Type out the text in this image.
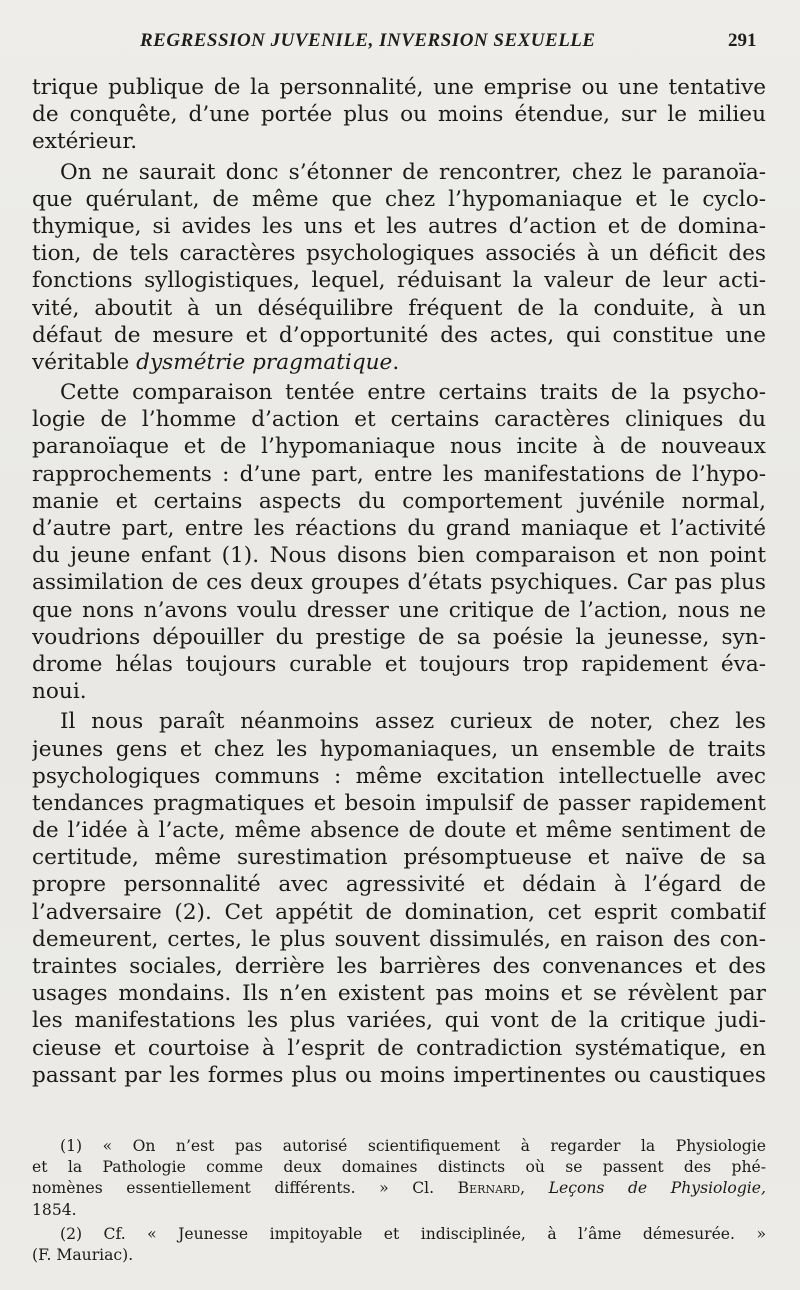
REGRESSION JUVENILE, INVERSION SEXUELLE	291
trique publique de la personnalité, une emprise ou une tentative
de conquête, d’une portée plus ou moins étendue, sur le milieu
extérieur.
On ne saurait donc s’étonner de rencontrer, chez le paranoïa-
que quérulant, de même que chez l’hypomaniaque et le cyclo-
thymique, si avides les uns et les autres d’action et de domina-
tion, de tels caractères psychologiques associés à un déficit des
fonctions syllogistiques, lequel, réduisant la valeur de leur acti-
vité, aboutit à un déséquilibre fréquent de la conduite, à un
défaut de mesure et d’opportunité des actes, qui constitue une
véritable dysmétrie pragmatique.
Cette comparaison tentée entre certains traits de la psycho-
logie de l’homme d’action et certains caractères cliniques du
paranoïaque et de l’hypomaniaque nous incite à de nouveaux
rapprochements : d’une part, entre les manifestations de l’hypo-
manie et certains aspects du comportement juvénile normal,
d’autre part, entre les réactions du grand maniaque et l’activité
du jeune enfant (1). Nous disons bien comparaison et non point
assimilation de ces deux groupes d’états psychiques. Car pas plus
que nons n’avons voulu dresser une critique de l’action, nous ne
voudrions dépouiller du prestige de sa poésie la jeunesse, syn-
drome hélas toujours curable et toujours trop rapidement éva-
noui.
Il nous paraît néanmoins assez curieux de noter, chez les
jeunes gens et chez les hypomaniaques, un ensemble de traits
psychologiques communs : même excitation intellectuelle avec
tendances pragmatiques et besoin impulsif de passer rapidement
de l’idée à l’acte, même absence de doute et même sentiment de
certitude, même surestimation présomptueuse et naïve de sa
propre personnalité avec agressivité et dédain à l’égard de
l’adversaire (2). Cet appétit de domination, cet esprit combatif
demeurent, certes, le plus souvent dissimulés, en raison des con-
traintes sociales, derrière les barrières des convenances et des
usages mondains. Ils n’en existent pas moins et se révèlent par
les manifestations les plus variées, qui vont de la critique judi-
cieuse et courtoise à l’esprit de contradiction systématique, en
passant par les formes plus ou moins impertinentes ou caustiques
(1) « On n’est pas autorisé scientifiquement à regarder la Physiologie
et la Pathologie comme deux domaines distincts où se passent des phé-
nomènes essentiellement différents. » Cl. Bernard, Leçons de Physiologie,
1854.
(2) Cf. « Jeunesse impitoyable et indisciplinée, à l’âme démesurée. »
(F. Mauriac).
